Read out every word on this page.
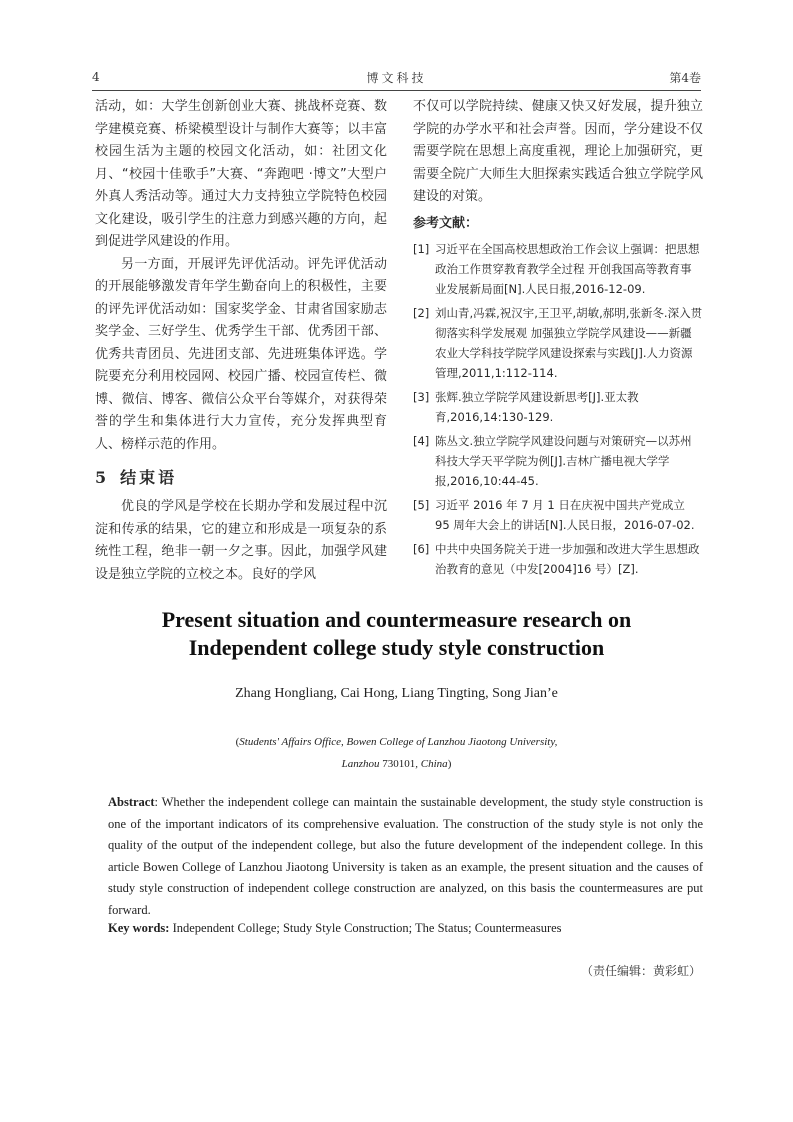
4	博文科技	第4卷

活动，如：大学生创新创业大赛、挑战杯竞赛、数学建模竞赛、桥梁模型设计与制作大赛等；以丰富校园生活为主题的校园文化活动，如：社团文化月、“校园十佳歌手”大赛、“奔跑吧 ·博文”大型户外真人秀活动等。通过大力支持独立学院特色校园文化建设，吸引学生的注意力到感兴趣的方向，起到促进学风建设的作用。

另一方面，开展评先评优活动。评先评优活动的开展能够激发青年学生勤奋向上的积极性，主要的评先评优活动如：国家奖学金、甘肃省国家励志奖学金、三好学生、优秀学生干部、优秀团干部、优秀共青团员、先进团支部、先进班集体评选。学院要充分利用校园网、校园广播、校园宣传栏、微博、微信、博客、微信公众平台等媒介，对获得荣誉的学生和集体进行大力宣传，充分发挥典型育人、榜样示范的作用。

5 结束语

优良的学风是学校在长期办学和发展过程中沉淀和传承的结果，它的建立和形成是一项复杂的系统性工程，绝非一朝一夕之事。因此，加强学风建设是独立学院的立校之本。良好的学风

不仅可以学院持续、健康又快又好发展，提升独立学院的办学水平和社会声誉。因而，学分建设不仅需要学院在思想上高度重视，理论上加强研究，更需要全院广大师生大胆探索实践适合独立学院学风建设的对策。

参考文献：
[1] 习近平在全国高校思想政治工作会议上强调：把思想政治工作贯穿教育教学全过程 开创我国高等教育事业发展新局面[N].人民日报,2016-12-09.
[2] 刘山青,冯霖,祝汉宇,王卫平,胡敏,郝明,张新冬.深入贯彻落实科学发展观 加强独立学院学风建设——新疆农业大学科技学院学风建设探索与实践[J].人力资源管理,2011,1:112-114.
[3] 张辉.独立学院学风建设新思考[J].亚太教育,2016,14:130-129.
[4] 陈丛文.独立学院学风建设问题与对策研究—以苏州科技大学天平学院为例[J].吉林广播电视大学学报,2016,10:44-45.
[5] 习近平 2016 年 7 月 1 日在庆祝中国共产党成立 95 周年大会上的讲话[N].人民日报，2016-07-02.
[6] 中共中央国务院关于进一步加强和改进大学生思想政治教育的意见（中发[2004]16 号）[Z].
Present situation and countermeasure research on
Independent college study style construction
Zhang Hongliang, Cai Hong, Liang Tingting, Song Jian’e
(Students' Affairs Office, Bowen College of Lanzhou Jiaotong University,
Lanzhou 730101, China)
Abstract: Whether the independent college can maintain the sustainable development, the study style construction is one of the important indicators of its comprehensive evaluation. The construction of the study style is not only the quality of the output of the independent college, but also the future development of the independent college. In this article Bowen College of Lanzhou Jiaotong University is taken as an example, the present situation and the causes of study style construction of independent college construction are analyzed, on this basis the countermeasures are put forward.
Key words: Independent College; Study Style Construction; The Status; Countermeasures
（责任编辑：黄彩虹）
